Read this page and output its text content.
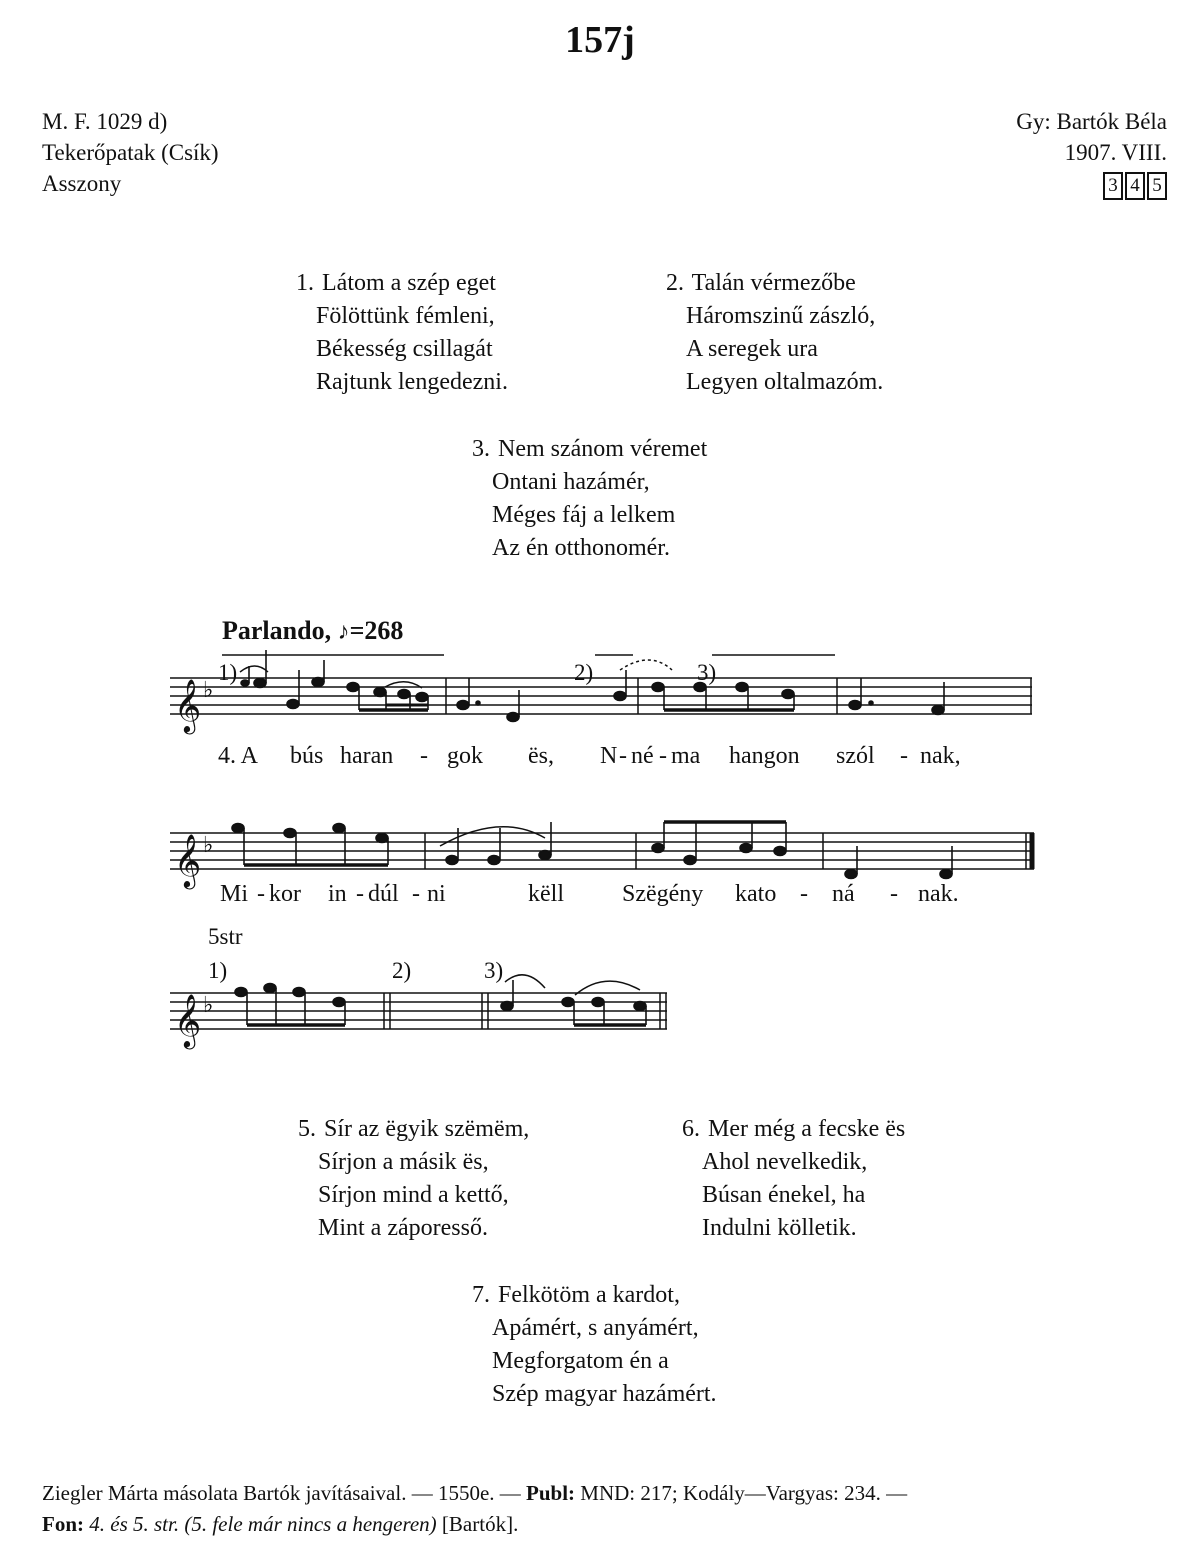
157j
M. F. 1029 d)
Tekerőpatak (Csík)
Asszony
Gy: Bartók Béla
1907. VIII.
3 4 5
1. Látom a szép eget
Fölöttünk fémleni,
Békesség csillagát
Rajtunk lengedezni.
2. Talán vérmezőbe
Háromszinű zászló,
A seregek ura
Legyen oltalmazóm.
3. Nem szánom véremet
Ontani hazámér,
Méges fáj a lelkem
Az én otthonomér.
Parlando, ♪=268
𝄞
𝄞
𝄞
♭
♭
♭
1)	2)	3)
4. A bús haran - gok ës, N - né - ma hangon szól - nak,
Mi - kor in - dúl - ni	këll Szëgény kato - ná - nak.
5str
1)	2)	3)
5. Sír az ëgyik szëmëm,
Sírjon a másik ës,
Sírjon mind a kettő,
Mint a záporesső.
6. Mer még a fecske ës
Ahol nevelkedik,
Búsan énekel, ha
Indulni kölletik.
7. Felkötöm a kardot,
Apámért, s anyámért,
Megforgatom én a
Szép magyar hazámért.
Ziegler Márta másolata Bartók javításaival. — 1550e. — Publ: MND: 217; Kodály—Vargyas: 234. —
Fon: 4. és 5. str. (5. fele már nincs a hengeren) [Bartók].
